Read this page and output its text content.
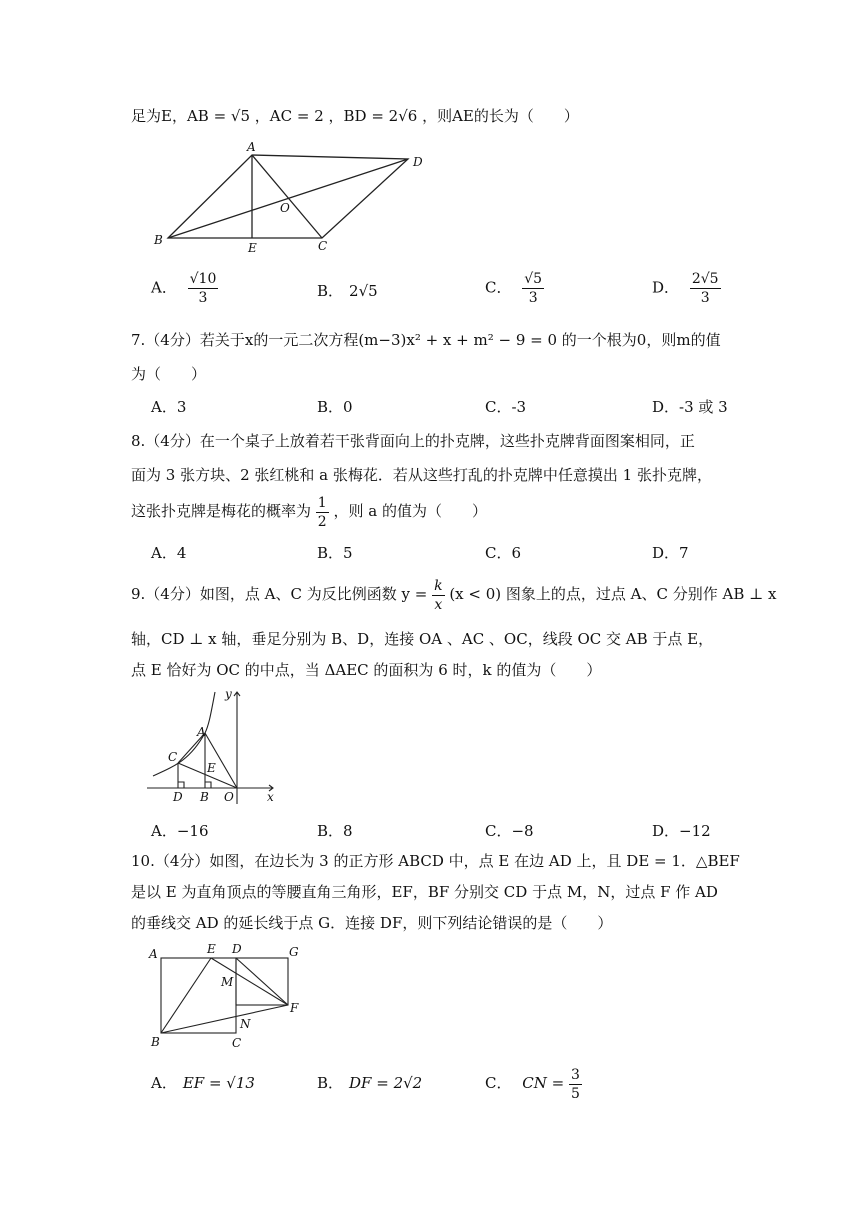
足为E，AB = √5 ，AC = 2 ，BD = 2√6 ，则AE的长为（　　）
A
D
O
B
E	C
A． $\frac{√10}{3}$	B． 2√5	C． $\frac{√5}{3}$	D． $\frac{2√5}{3}$
7.（4分）若关于x的一元二次方程(m−3)x² + x + m² − 9 = 0 的一个根为0，则m的值
为（　　）
A．3	B．0	C．-3	D．-3 或 3
8.（4分）在一个桌子上放着若干张背面向上的扑克牌，这些扑克牌背面图案相同，正
面为 3 张方块、2 张红桃和 a 张梅花．若从这些打乱的扑克牌中任意摸出 1 张扑克牌，
这张扑克牌是梅花的概率为 $\frac{1}{2}$ ，则 a 的值为（　　）
A．4	B．5	C．6	D．7
9.（4分）如图，点 A、C 为反比例函数 $y = \frac{k}{x} (x < 0)$ 图象上的点，过点 A、C 分别作 AB ⊥ x
轴，CD ⊥ x 轴，垂足分别为 B、D，连接 OA 、AC 、OC，线段 OC 交 AB 于点 E，
点 E 恰好为 OC 的中点，当 ΔAEC 的面积为 6 时，k 的值为（　　）
y
A
C
E
D B O	x
A．−16	B．8	C．−8	D．−12
10.（4分）如图，在边长为 3 的正方形 ABCD 中，点 E 在边 AD 上，且 DE = 1．△BEF
是以 E 为直角顶点的等腰直角三角形，EF，BF 分别交 CD 于点 M，N，过点 F 作 AD
的垂线交 AD 的延长线于点 G．连接 DF，则下列结论错误的是（　　）
A	E D	G
M
F
N
B	C
A． EF = √13	B． DF = 2√2	C． CN = $\frac{3}{5}$
